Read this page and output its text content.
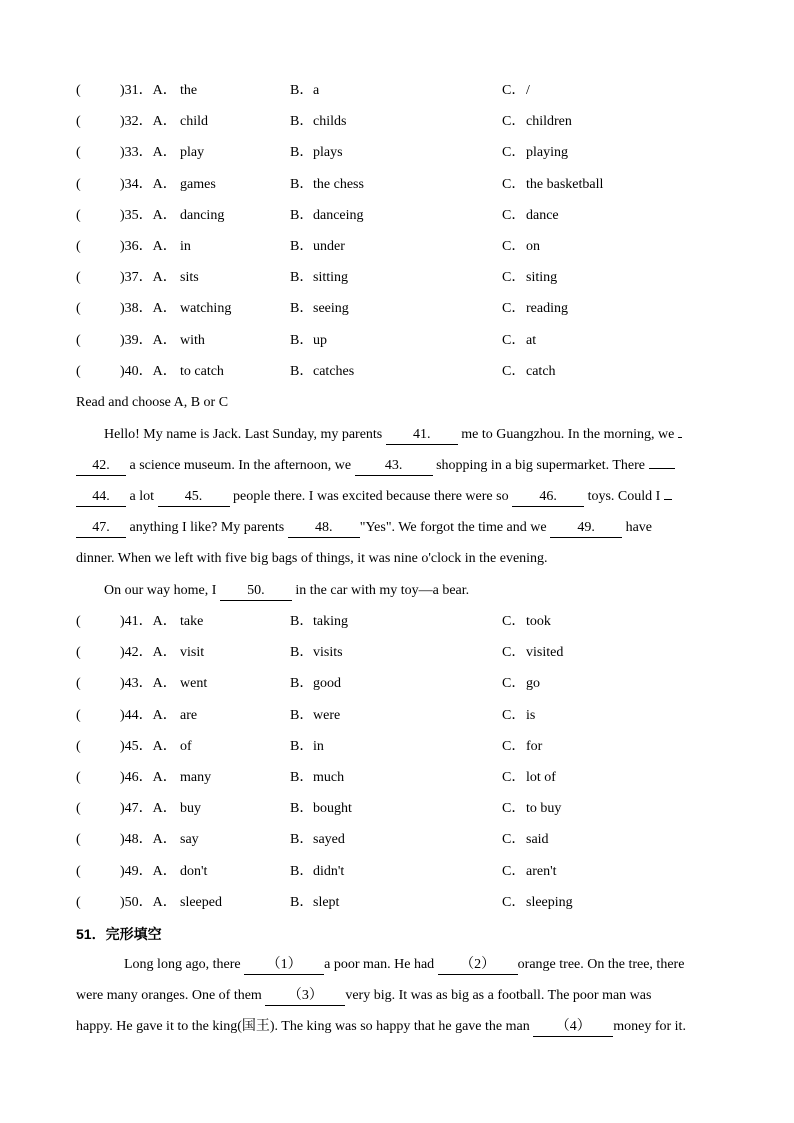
(	)31．A． the	B． a	C． /
(	)32．A． child	B． childs	C． children
(	)33．A． play	B． plays	C． playing
(	)34．A． games	B． the chess	C． the basketball
(	)35．A． dancing	B． danceing	C． dance
(	)36．A． in	B． under	C． on
(	)37．A． sits	B． sitting	C． siting
(	)38．A． watching	B． seeing	C． reading
(	)39．A． with	B． up	C． at
(	)40．A． to catch	B． catches	C． catch
Read and choose A, B or C
Hello! My name is Jack. Last Sunday, my parents 41. me to Guangzhou. In the morning, we
42. a science museum. In the afternoon, we 43. shopping in a big supermarket. There
44. a lot 45. people there. I was excited because there were so 46. toys. Could I
47. anything I like? My parents 48. "Yes". We forgot the time and we 49. have
dinner. When we left with five big bags of things, it was nine o'clock in the evening.
On our way home, I 50. in the car with my toy—a bear.
(	)41．A． take	B． taking	C． took
(	)42．A． visit	B． visits	C． visited
(	)43．A． went	B． good	C． go
(	)44．A． are	B． were	C． is
(	)45．A． of	B． in	C． for
(	)46．A． many	B． much	C． lot of
(	)47．A． buy	B． bought	C． to buy
(	)48．A． say	B． sayed	C． said
(	)49．A． don't	B． didn't	C． aren't
(	)50．A． sleeped	B． slept	C． sleeping
51．完形填空
Long long ago, there （1） a poor man. He had （2） orange tree. On the tree, there
were many oranges. One of them （3） very big. It was as big as a football. The poor man was
happy. He gave it to the king(国王). The king was so happy that he gave the man （4） money for it.
